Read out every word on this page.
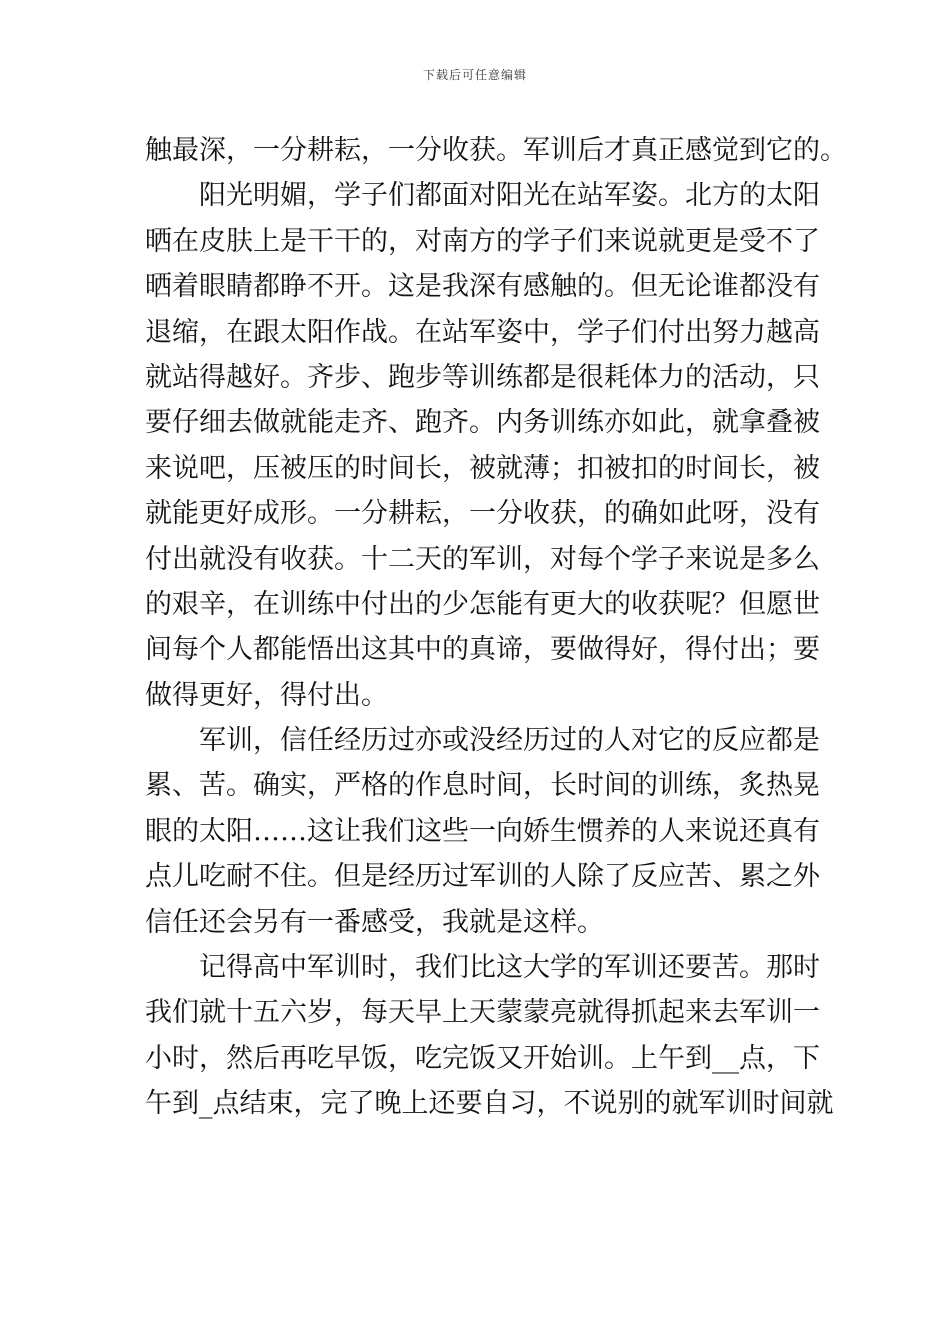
下载后可任意编辑
触最深，一分耕耘，一分收获。军训后才真正感觉到它的。
阳光明媚，学子们都面对阳光在站军姿。北方的太阳
晒在皮肤上是干干的，对南方的学子们来说就更是受不了
晒着眼睛都睁不开。这是我深有感触的。但无论谁都没有
退缩，在跟太阳作战。在站军姿中，学子们付出努力越高
就站得越好。齐步、跑步等训练都是很耗体力的活动，只
要仔细去做就能走齐、跑齐。内务训练亦如此，就拿叠被
来说吧，压被压的时间长，被就薄；扣被扣的时间长，被
就能更好成形。一分耕耘，一分收获，的确如此呀，没有
付出就没有收获。十二天的军训，对每个学子来说是多么
的艰辛，在训练中付出的少怎能有更大的收获呢？但愿世
间每个人都能悟出这其中的真谛，要做得好，得付出；要
做得更好，得付出。
军训，信任经历过亦或没经历过的人对它的反应都是
累、苦。确实，严格的作息时间，长时间的训练，炙热晃
眼的太阳……这让我们这些一向娇生惯养的人来说还真有
点儿吃耐不住。但是经历过军训的人除了反应苦、累之外
信任还会另有一番感受，我就是这样。
记得高中军训时，我们比这大学的军训还要苦。那时
我们就十五六岁，每天早上天蒙蒙亮就得抓起来去军训一
小时，然后再吃早饭，吃完饭又开始训。上午到__点，下
午到_点结束，完了晚上还要自习，不说别的就军训时间就
